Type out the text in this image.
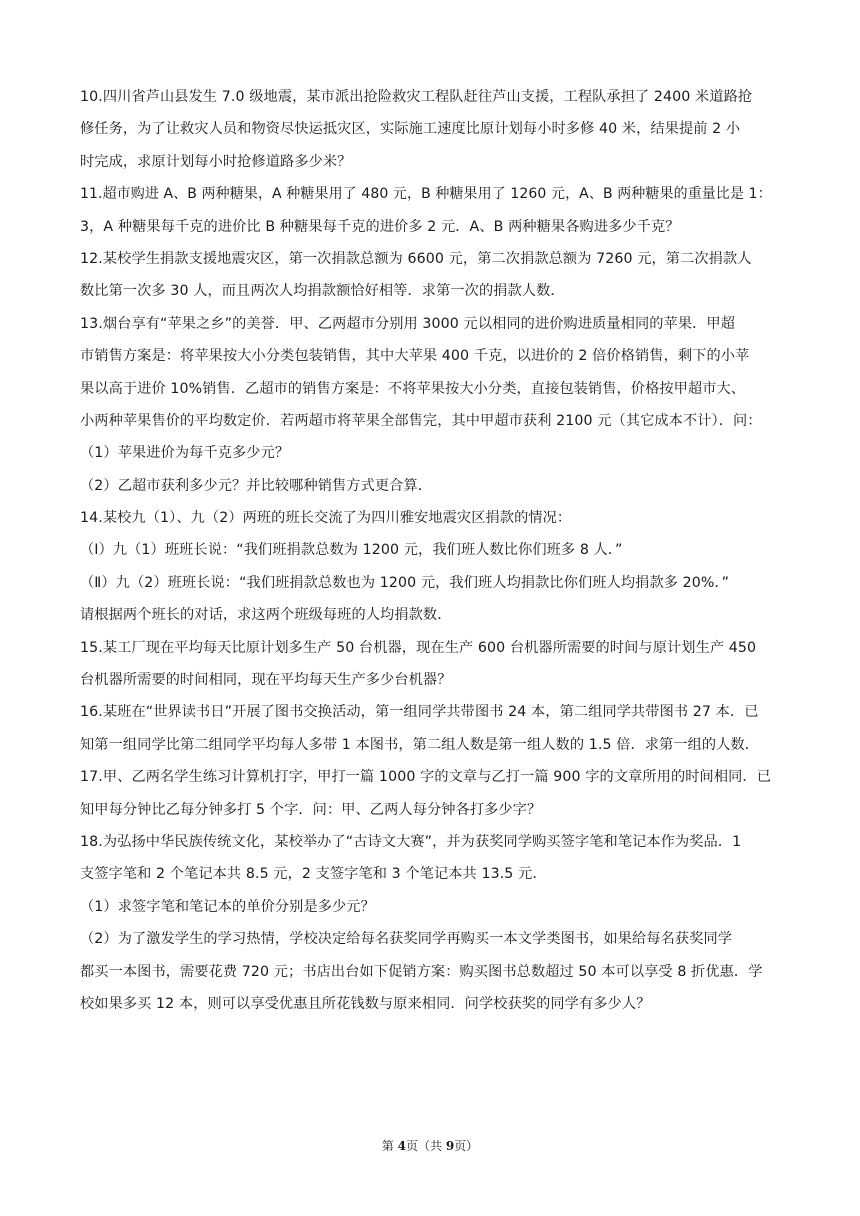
10.四川省芦山县发生 7.0 级地震，某市派出抢险救灾工程队赶往芦山支援，工程队承担了 2400 米道路抢
修任务，为了让救灾人员和物资尽快运抵灾区，实际施工速度比原计划每小时多修 40 米，结果提前 2 小
时完成，求原计划每小时抢修道路多少米？
11.超市购进 A、B 两种糖果，A 种糖果用了 480 元，B 种糖果用了 1260 元，A、B 两种糖果的重量比是 1：
3，A 种糖果每千克的进价比 B 种糖果每千克的进价多 2 元．A、B 两种糖果各购进多少千克？
12.某校学生捐款支援地震灾区，第一次捐款总额为 6600 元，第二次捐款总额为 7260 元，第二次捐款人
数比第一次多 30 人，而且两次人均捐款额恰好相等．求第一次的捐款人数．
13.烟台享有“苹果之乡”的美誉．甲、乙两超市分别用 3000 元以相同的进价购进质量相同的苹果．甲超
市销售方案是：将苹果按大小分类包装销售，其中大苹果 400 千克，以进价的 2 倍价格销售，剩下的小苹
果以高于进价 10%销售．乙超市的销售方案是：不将苹果按大小分类，直接包装销售，价格按甲超市大、
小两种苹果售价的平均数定价．若两超市将苹果全部售完，其中甲超市获利 2100 元（其它成本不计）．问：
（1）苹果进价为每千克多少元？
（2）乙超市获利多少元？并比较哪种销售方式更合算．
14.某校九（1）、九（2）两班的班长交流了为四川雅安地震灾区捐款的情况：
（Ⅰ）九（1）班班长说：“我们班捐款总数为 1200 元，我们班人数比你们班多 8 人．”
（Ⅱ）九（2）班班长说：“我们班捐款总数也为 1200 元，我们班人均捐款比你们班人均捐款多 20%．”
请根据两个班长的对话，求这两个班级每班的人均捐款数．
15.某工厂现在平均每天比原计划多生产 50 台机器，现在生产 600 台机器所需要的时间与原计划生产 450
台机器所需要的时间相同，现在平均每天生产多少台机器？
16.某班在“世界读书日”开展了图书交换活动，第一组同学共带图书 24 本，第二组同学共带图书 27 本．已
知第一组同学比第二组同学平均每人多带 1 本图书，第二组人数是第一组人数的 1.5 倍．求第一组的人数．
17.甲、乙两名学生练习计算机打字，甲打一篇 1000 字的文章与乙打一篇 900 字的文章所用的时间相同．已
知甲每分钟比乙每分钟多打 5 个字．问：甲、乙两人每分钟各打多少字？
18.为弘扬中华民族传统文化，某校举办了“古诗文大赛”，并为获奖同学购买签字笔和笔记本作为奖品．1
支签字笔和 2 个笔记本共 8.5 元，2 支签字笔和 3 个笔记本共 13.5 元．
（1）求签字笔和笔记本的单价分别是多少元？
（2）为了激发学生的学习热情，学校决定给每名获奖同学再购买一本文学类图书，如果给每名获奖同学
都买一本图书，需要花费 720 元；书店出台如下促销方案：购买图书总数超过 50 本可以享受 8 折优惠．学
校如果多买 12 本，则可以享受优惠且所花钱数与原来相同．问学校获奖的同学有多少人？
第 4页（共 9页）
